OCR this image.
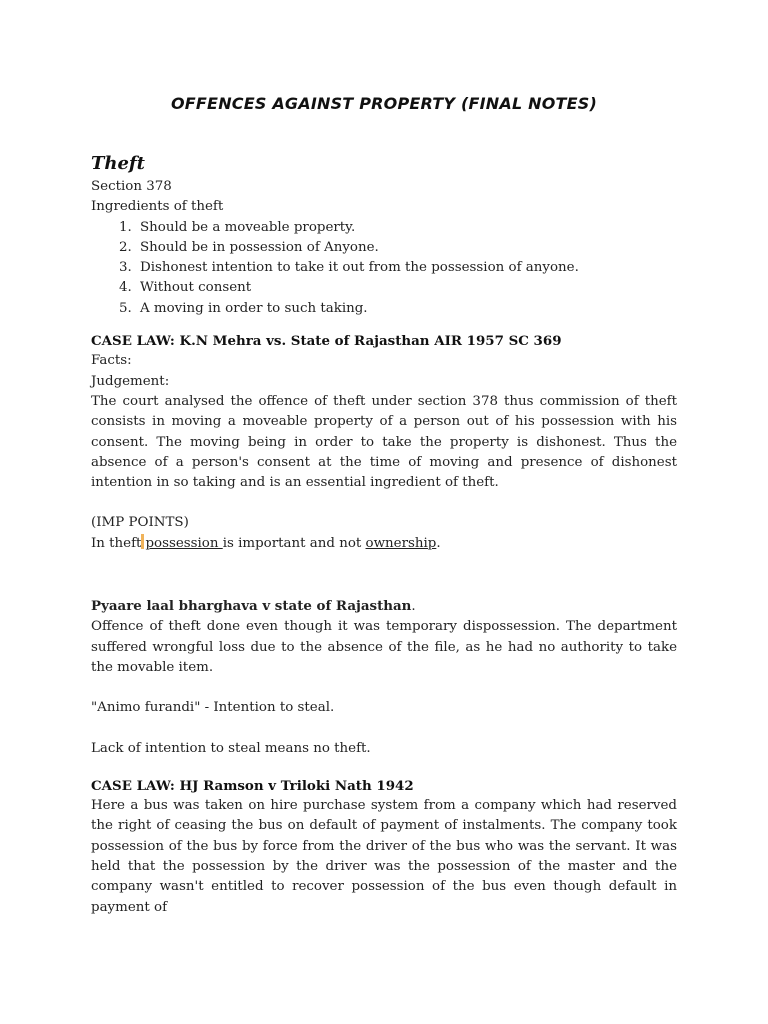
OFFENCES AGAINST PROPERTY (FINAL NOTES)

Theft

Section 378

Ingredients of theft

1. Should be a moveable property.
2. Should be in possession of Anyone.
3. Dishonest intention to take it out from the possession of anyone.
4. Without consent
5. A moving in order to such taking.

CASE LAW: K.N Mehra vs. State of Rajasthan AIR 1957 SC 369

Facts:

Judgement:

The court analysed the offence of theft under section 378 thus commission of theft consists in moving a moveable property of a person out of his possession with his consent. The moving being in order to take the property is dishonest. Thus the absence of a person's consent at the time of moving and presence of dishonest intention in so taking and is an essential ingredient of theft.

(IMP POINTS)

In theft possession is important and not ownership.

Pyaare laal bharghava v state of Rajasthan.

Offence of theft done even though it was temporary dispossession. The department suffered wrongful loss due to the absence of the file, as he had no authority to take the movable item.

"Animo furandi" - Intention to steal.

Lack of intention to steal means no theft.

CASE LAW: HJ Ramson v Triloki Nath 1942

Here a bus was taken on hire purchase system from a company which had reserved the right of ceasing the bus on default of payment of instalments. The company took possession of the bus by force from the driver of the bus who was the servant. It was held that the possession by the driver was the possession of the master and the company wasn't entitled to recover possession of the bus even though default in payment of
